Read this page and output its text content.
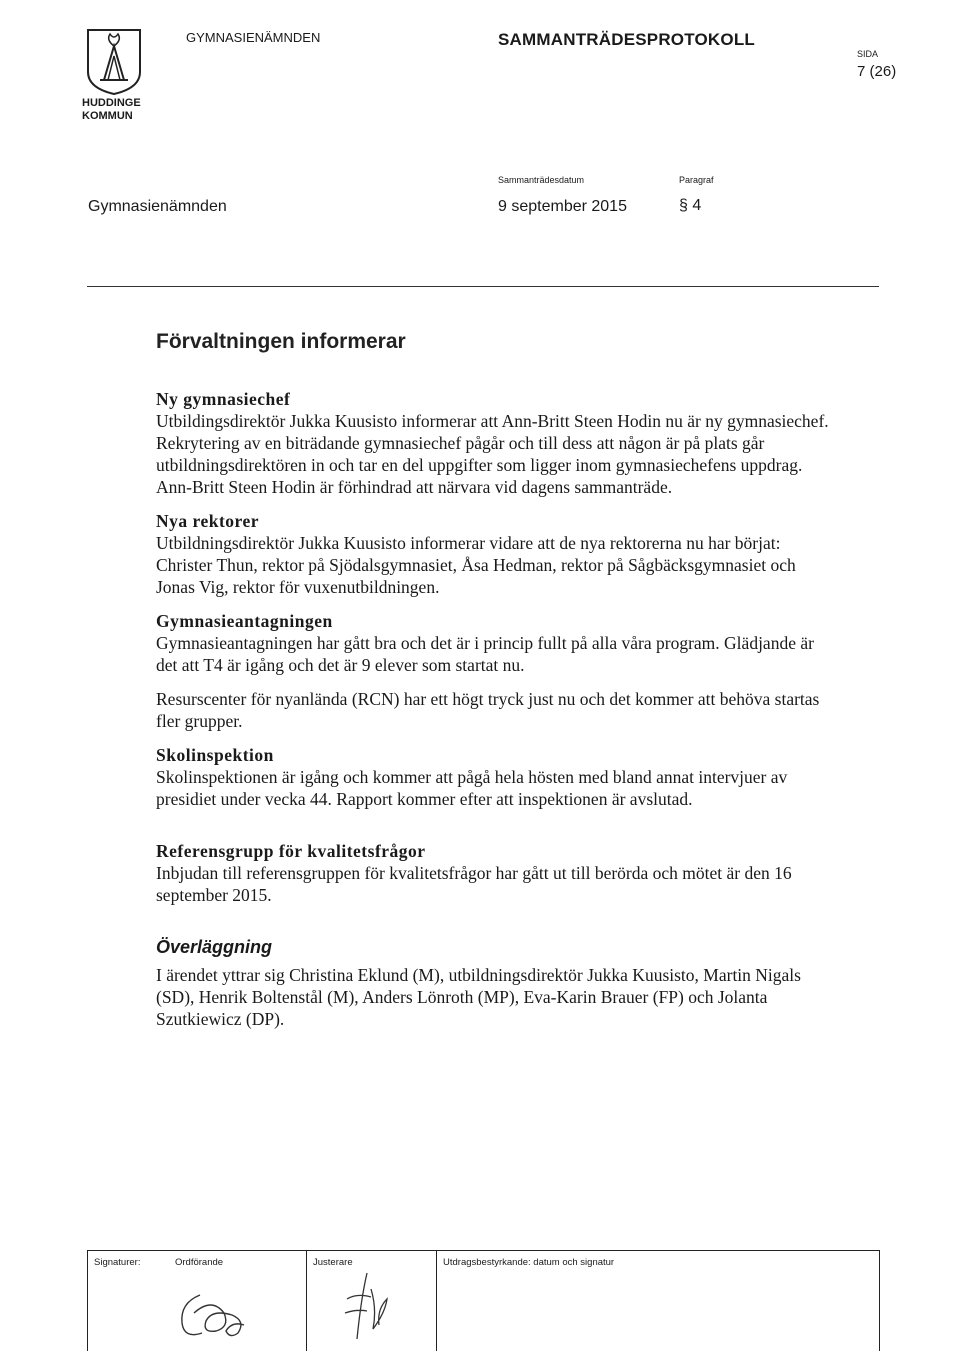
HUDDINGE
KOMMUN
GYMNASIENÄMNDEN	SAMMANTRÄDESPROTOKOLL
SIDA
7 (26)
Sammanträdesdatum	Paragraf
Gymnasienämnden	9 september 2015	§ 4
Förvaltningen informerar
Ny gymnasiechef

Utbildingsdirektör Jukka Kuusisto informerar att Ann-Britt Steen Hodin nu är ny gymnasiechef.

Rekrytering av en biträdande gymnasiechef pågår och till dess att någon är på plats går utbildningsdirektören in och tar en del uppgifter som ligger inom gymnasiechefens uppdrag.

Ann-Britt Steen Hodin är förhindrad att närvara vid dagens sammanträde.

Nya rektorer

Utbildningsdirektör Jukka Kuusisto informerar vidare att de nya rektorerna nu har börjat: Christer Thun, rektor på Sjödalsgymnasiet, Åsa Hedman, rektor på Sågbäcksgymnasiet och Jonas Vig, rektor för vuxenutbildningen.

Gymnasieantagningen

Gymnasieantagningen har gått bra och det är i princip fullt på alla våra program. Glädjande är det att T4 är igång och det är 9 elever som startat nu.

Resurscenter för nyanlända (RCN) har ett högt tryck just nu och det kommer att behöva startas fler grupper.

Skolinspektion

Skolinspektionen är igång och kommer att pågå hela hösten med bland annat intervjuer av presidiet under vecka 44. Rapport kommer efter att inspektionen är avslutad.

Referensgrupp för kvalitetsfrågor

Inbjudan till referensgruppen för kvalitetsfrågor har gått ut till berörda och mötet är den 16 september 2015.

Överläggning

I ärendet yttrar sig Christina Eklund (M), utbildningsdirektör Jukka Kuusisto, Martin Nigals (SD), Henrik Boltenstål (M), Anders Lönroth (MP), Eva-Karin Brauer (FP) och Jolanta Szutkiewicz (DP).

Signaturer:	Ordförande	Justerare	Utdragsbestyrkande: datum och signatur
